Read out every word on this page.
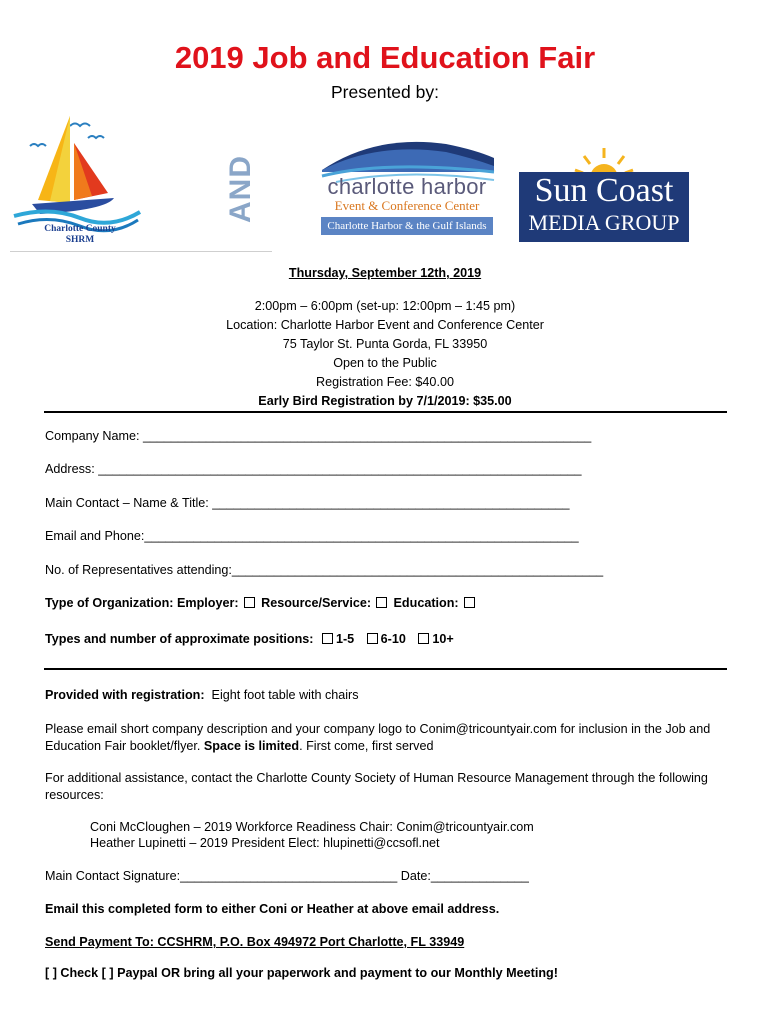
2019 Job and Education Fair
Presented by:
Charlotte County
SHRM
AND	charlotte harbor
Event & Conference Center
Charlotte Harbor & the Gulf Islands
Sun Coast
MEDIA GROUP
Thursday, September 12th, 2019
2:00pm – 6:00pm (set-up: 12:00pm – 1:45 pm)
Location: Charlotte Harbor Event and Conference Center
75 Taylor St. Punta Gorda, FL 33950
Open to the Public
Registration Fee: $40.00
Early Bird Registration by 7/1/2019: $35.00
Company Name: ________________________________________________________________
Address: _____________________________________________________________________
Main Contact – Name & Title: ___________________________________________________
Email and Phone:______________________________________________________________
No. of Representatives attending:_____________________________________________________
Type of Organization: Employer: Resource/Service: Education:
Types and number of approximate positions: 1-5 6-10 10+
Provided with registration: Eight foot table with chairs

Please email short company description and your company logo to Conim@tricountyair.com for inclusion in the Job and Education Fair booklet/flyer. Space is limited. First come, first served

For additional assistance, contact the Charlotte County Society of Human Resource Management through the following resources:

Coni McCloughen – 2019 Workforce Readiness Chair: Conim@tricountyair.com
Heather Lupinetti – 2019 President Elect: hlupinetti@ccsofl.net
Main Contact Signature:_______________________________ Date:______________
Email this completed form to either Coni or Heather at above email address.
Send Payment To: CCSHRM, P.O. Box 494972 Port Charlotte, FL 33949
[ ] Check [ ] Paypal OR bring all your paperwork and payment to our Monthly Meeting!
